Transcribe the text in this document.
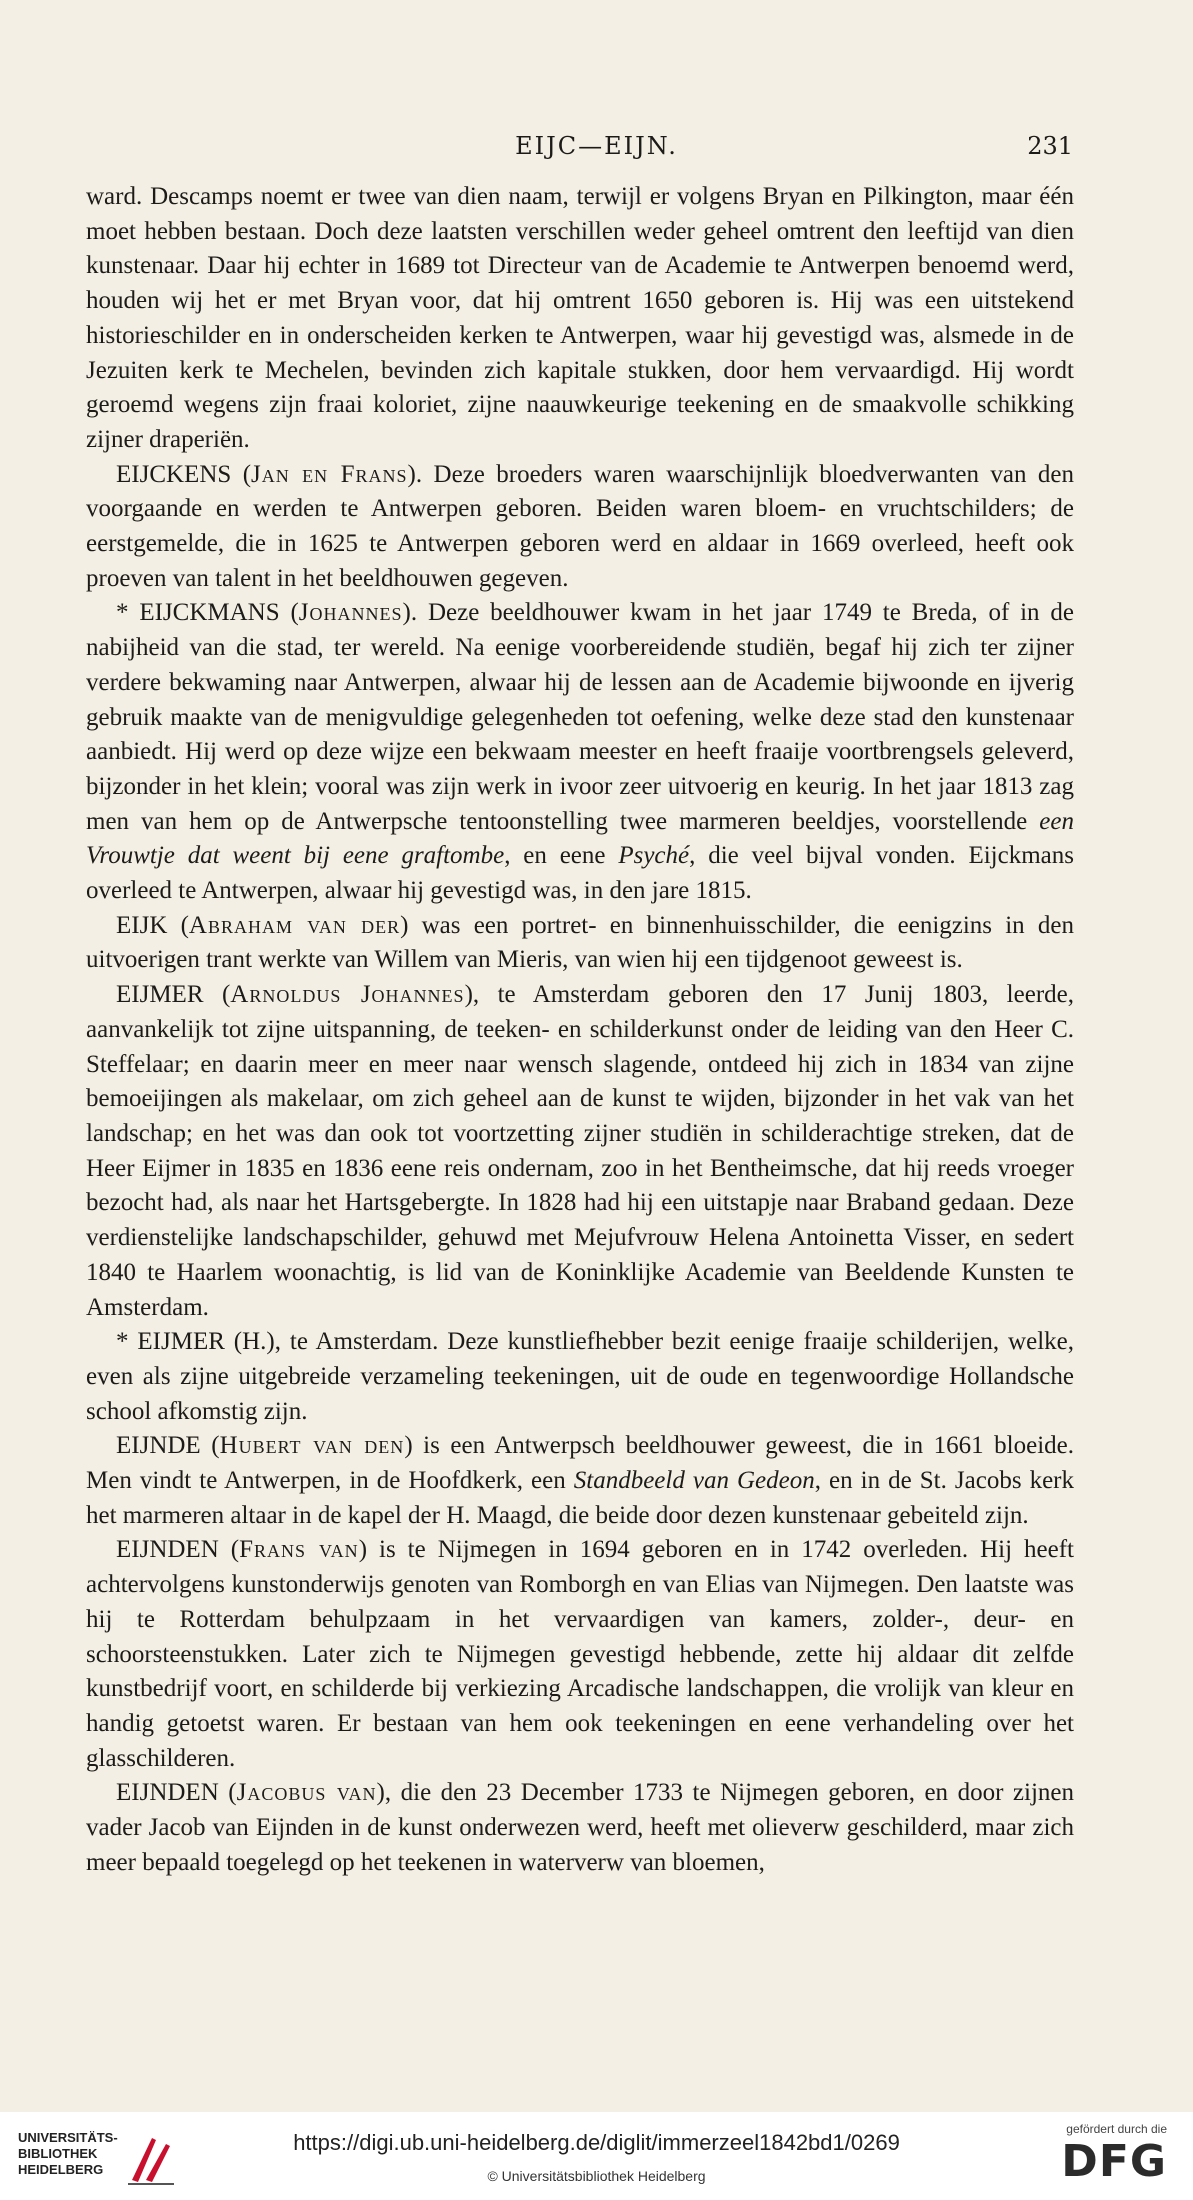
EIJC—EIJN.	231

ward. Descamps noemt er twee van dien naam, terwijl er volgens Bryan en Pilkington, maar één moet hebben bestaan. Doch deze laatsten verschillen weder geheel omtrent den leeftijd van dien kunstenaar. Daar hij echter in 1689 tot Directeur van de Academie te Antwerpen benoemd werd, houden wij het er met Bryan voor, dat hij omtrent 1650 geboren is. Hij was een uitstekend historieschilder en in onderscheiden kerken te Antwerpen, waar hij gevestigd was, alsmede in de Jezuiten kerk te Mechelen, bevinden zich kapitale stukken, door hem vervaardigd. Hij wordt geroemd wegens zijn fraai koloriet, zijne naauwkeurige teekening en de smaakvolle schikking zijner draperiën.

EIJCKENS (Jan en Frans). Deze broeders waren waarschijnlijk bloedverwanten van den voorgaande en werden te Antwerpen geboren. Beiden waren bloem- en vruchtschilders; de eerstgemelde, die in 1625 te Antwerpen geboren werd en aldaar in 1669 overleed, heeft ook proeven van talent in het beeldhouwen gegeven.

* EIJCKMANS (Johannes). Deze beeldhouwer kwam in het jaar 1749 te Breda, of in de nabijheid van die stad, ter wereld. Na eenige voorbereidende studiën, begaf hij zich ter zijner verdere bekwaming naar Antwerpen, alwaar hij de lessen aan de Academie bijwoonde en ijverig gebruik maakte van de menigvuldige gelegenheden tot oefening, welke deze stad den kunstenaar aanbiedt. Hij werd op deze wijze een bekwaam meester en heeft fraaije voortbrengsels geleverd, bijzonder in het klein; vooral was zijn werk in ivoor zeer uitvoerig en keurig. In het jaar 1813 zag men van hem op de Antwerpsche tentoonstelling twee marmeren beeldjes, voorstellende een Vrouwtje dat weent bij eene graftombe, en eene Psyché, die veel bijval vonden. Eijckmans overleed te Antwerpen, alwaar hij gevestigd was, in den jare 1815.

EIJK (Abraham van der) was een portret- en binnenhuisschilder, die eenigzins in den uitvoerigen trant werkte van Willem van Mieris, van wien hij een tijdgenoot geweest is.

EIJMER (Arnoldus Johannes), te Amsterdam geboren den 17 Junij 1803, leerde, aanvankelijk tot zijne uitspanning, de teeken- en schilderkunst onder de leiding van den Heer C. Steffelaar; en daarin meer en meer naar wensch slagende, ontdeed hij zich in 1834 van zijne bemoeijingen als makelaar, om zich geheel aan de kunst te wijden, bijzonder in het vak van het landschap; en het was dan ook tot voortzetting zijner studiën in schilderachtige streken, dat de Heer Eijmer in 1835 en 1836 eene reis ondernam, zoo in het Bentheimsche, dat hij reeds vroeger bezocht had, als naar het Hartsgebergte. In 1828 had hij een uitstapje naar Braband gedaan. Deze verdienstelijke landschapschilder, gehuwd met Mejufvrouw Helena Antoinetta Visser, en sedert 1840 te Haarlem woonachtig, is lid van de Koninklijke Academie van Beeldende Kunsten te Amsterdam.

* EIJMER (H.), te Amsterdam. Deze kunstliefhebber bezit eenige fraaije schilderijen, welke, even als zijne uitgebreide verzameling teekeningen, uit de oude en tegenwoordige Hollandsche school afkomstig zijn.

EIJNDE (Hubert van den) is een Antwerpsch beeldhouwer geweest, die in 1661 bloeide. Men vindt te Antwerpen, in de Hoofdkerk, een Standbeeld van Gedeon, en in de St. Jacobs kerk het marmeren altaar in de kapel der H. Maagd, die beide door dezen kunstenaar gebeiteld zijn.

EIJNDEN (Frans van) is te Nijmegen in 1694 geboren en in 1742 overleden. Hij heeft achtervolgens kunstonderwijs genoten van Romborgh en van Elias van Nijmegen. Den laatste was hij te Rotterdam behulpzaam in het vervaardigen van kamers, zolder-, deur- en schoorsteenstukken. Later zich te Nijmegen gevestigd hebbende, zette hij aldaar dit zelfde kunstbedrijf voort, en schilderde bij verkiezing Arcadische landschappen, die vrolijk van kleur en handig getoetst waren. Er bestaan van hem ook teekeningen en eene verhandeling over het glasschilderen.

EIJNDEN (Jacobus van), die den 23 December 1733 te Nijmegen geboren, en door zijnen vader Jacob van Eijnden in de kunst onderwezen werd, heeft met olieverw geschilderd, maar zich meer bepaald toegelegd op het teekenen in waterverw van bloemen,

UNIVERSITÄTS-
BIBLIOTHEK
HEIDELBERG
https://digi.ub.uni-heidelberg.de/diglit/immerzeel1842bd1/0269
© Universitätsbibliothek Heidelberg
gefördert durch die
DFG
